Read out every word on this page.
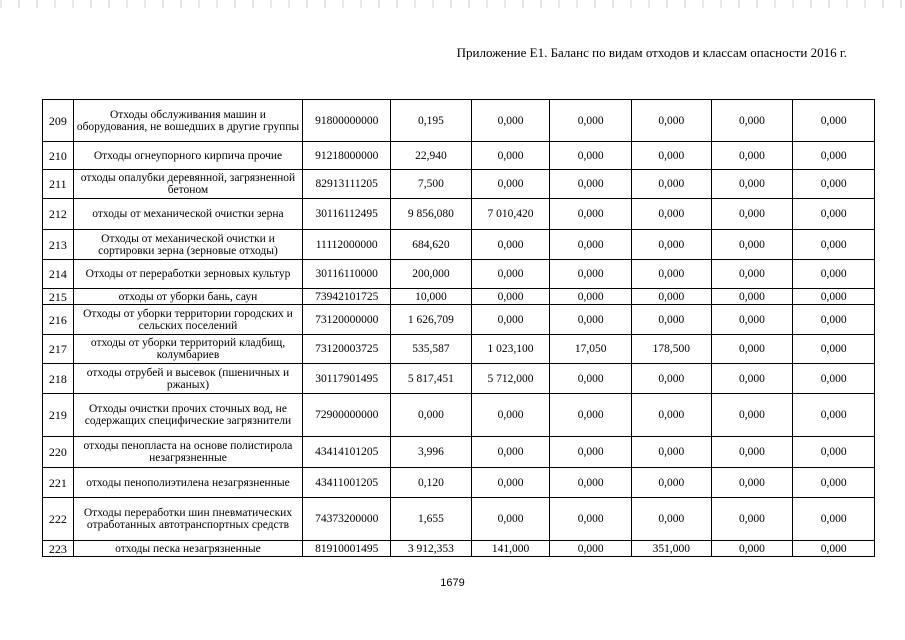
Приложение Е1. Баланс по видам отходов и классам опасности 2016 г.
209	Отходы обслуживания машин и оборудования, не вошедших в другие группы	91800000000	0,195	0,000	0,000	0,000	0,000	0,000
210	Отходы огнеупорного кирпича прочие	91218000000	22,940	0,000	0,000	0,000	0,000	0,000
211	отходы опалубки деревянной, загрязненной бетоном	82913111205	7,500	0,000	0,000	0,000	0,000	0,000
212	отходы от механической очистки зерна	30116112495	9 856,080	7 010,420	0,000	0,000	0,000	0,000
213	Отходы от механической очистки и сортировки зерна (зерновые отходы)	11112000000	684,620	0,000	0,000	0,000	0,000	0,000
214	Отходы от переработки зерновых культур	30116110000	200,000	0,000	0,000	0,000	0,000	0,000
215	отходы от уборки бань, саун	73942101725	10,000	0,000	0,000	0,000	0,000	0,000
216	Отходы от уборки территории городских и сельских поселений	73120000000	1 626,709	0,000	0,000	0,000	0,000	0,000
217	отходы от уборки территорий кладбищ, колумбариев	73120003725	535,587	1 023,100	17,050	178,500	0,000	0,000
218	отходы отрубей и высевок (пшеничных и ржаных)	30117901495	5 817,451	5 712,000	0,000	0,000	0,000	0,000
219	Отходы очистки прочих сточных вод, не содержащих специфические загрязнители	72900000000	0,000	0,000	0,000	0,000	0,000	0,000
220	отходы пенопласта на основе полистирола незагрязненные	43414101205	3,996	0,000	0,000	0,000	0,000	0,000
221	отходы пенополиэтилена незагрязненные	43411001205	0,120	0,000	0,000	0,000	0,000	0,000
222	Отходы переработки шин пневматических отработанных автотранспортных средств	74373200000	1,655	0,000	0,000	0,000	0,000	0,000
223	отходы песка незагрязненные	81910001495	3 912,353	141,000	0,000	351,000	0,000	0,000
1679
